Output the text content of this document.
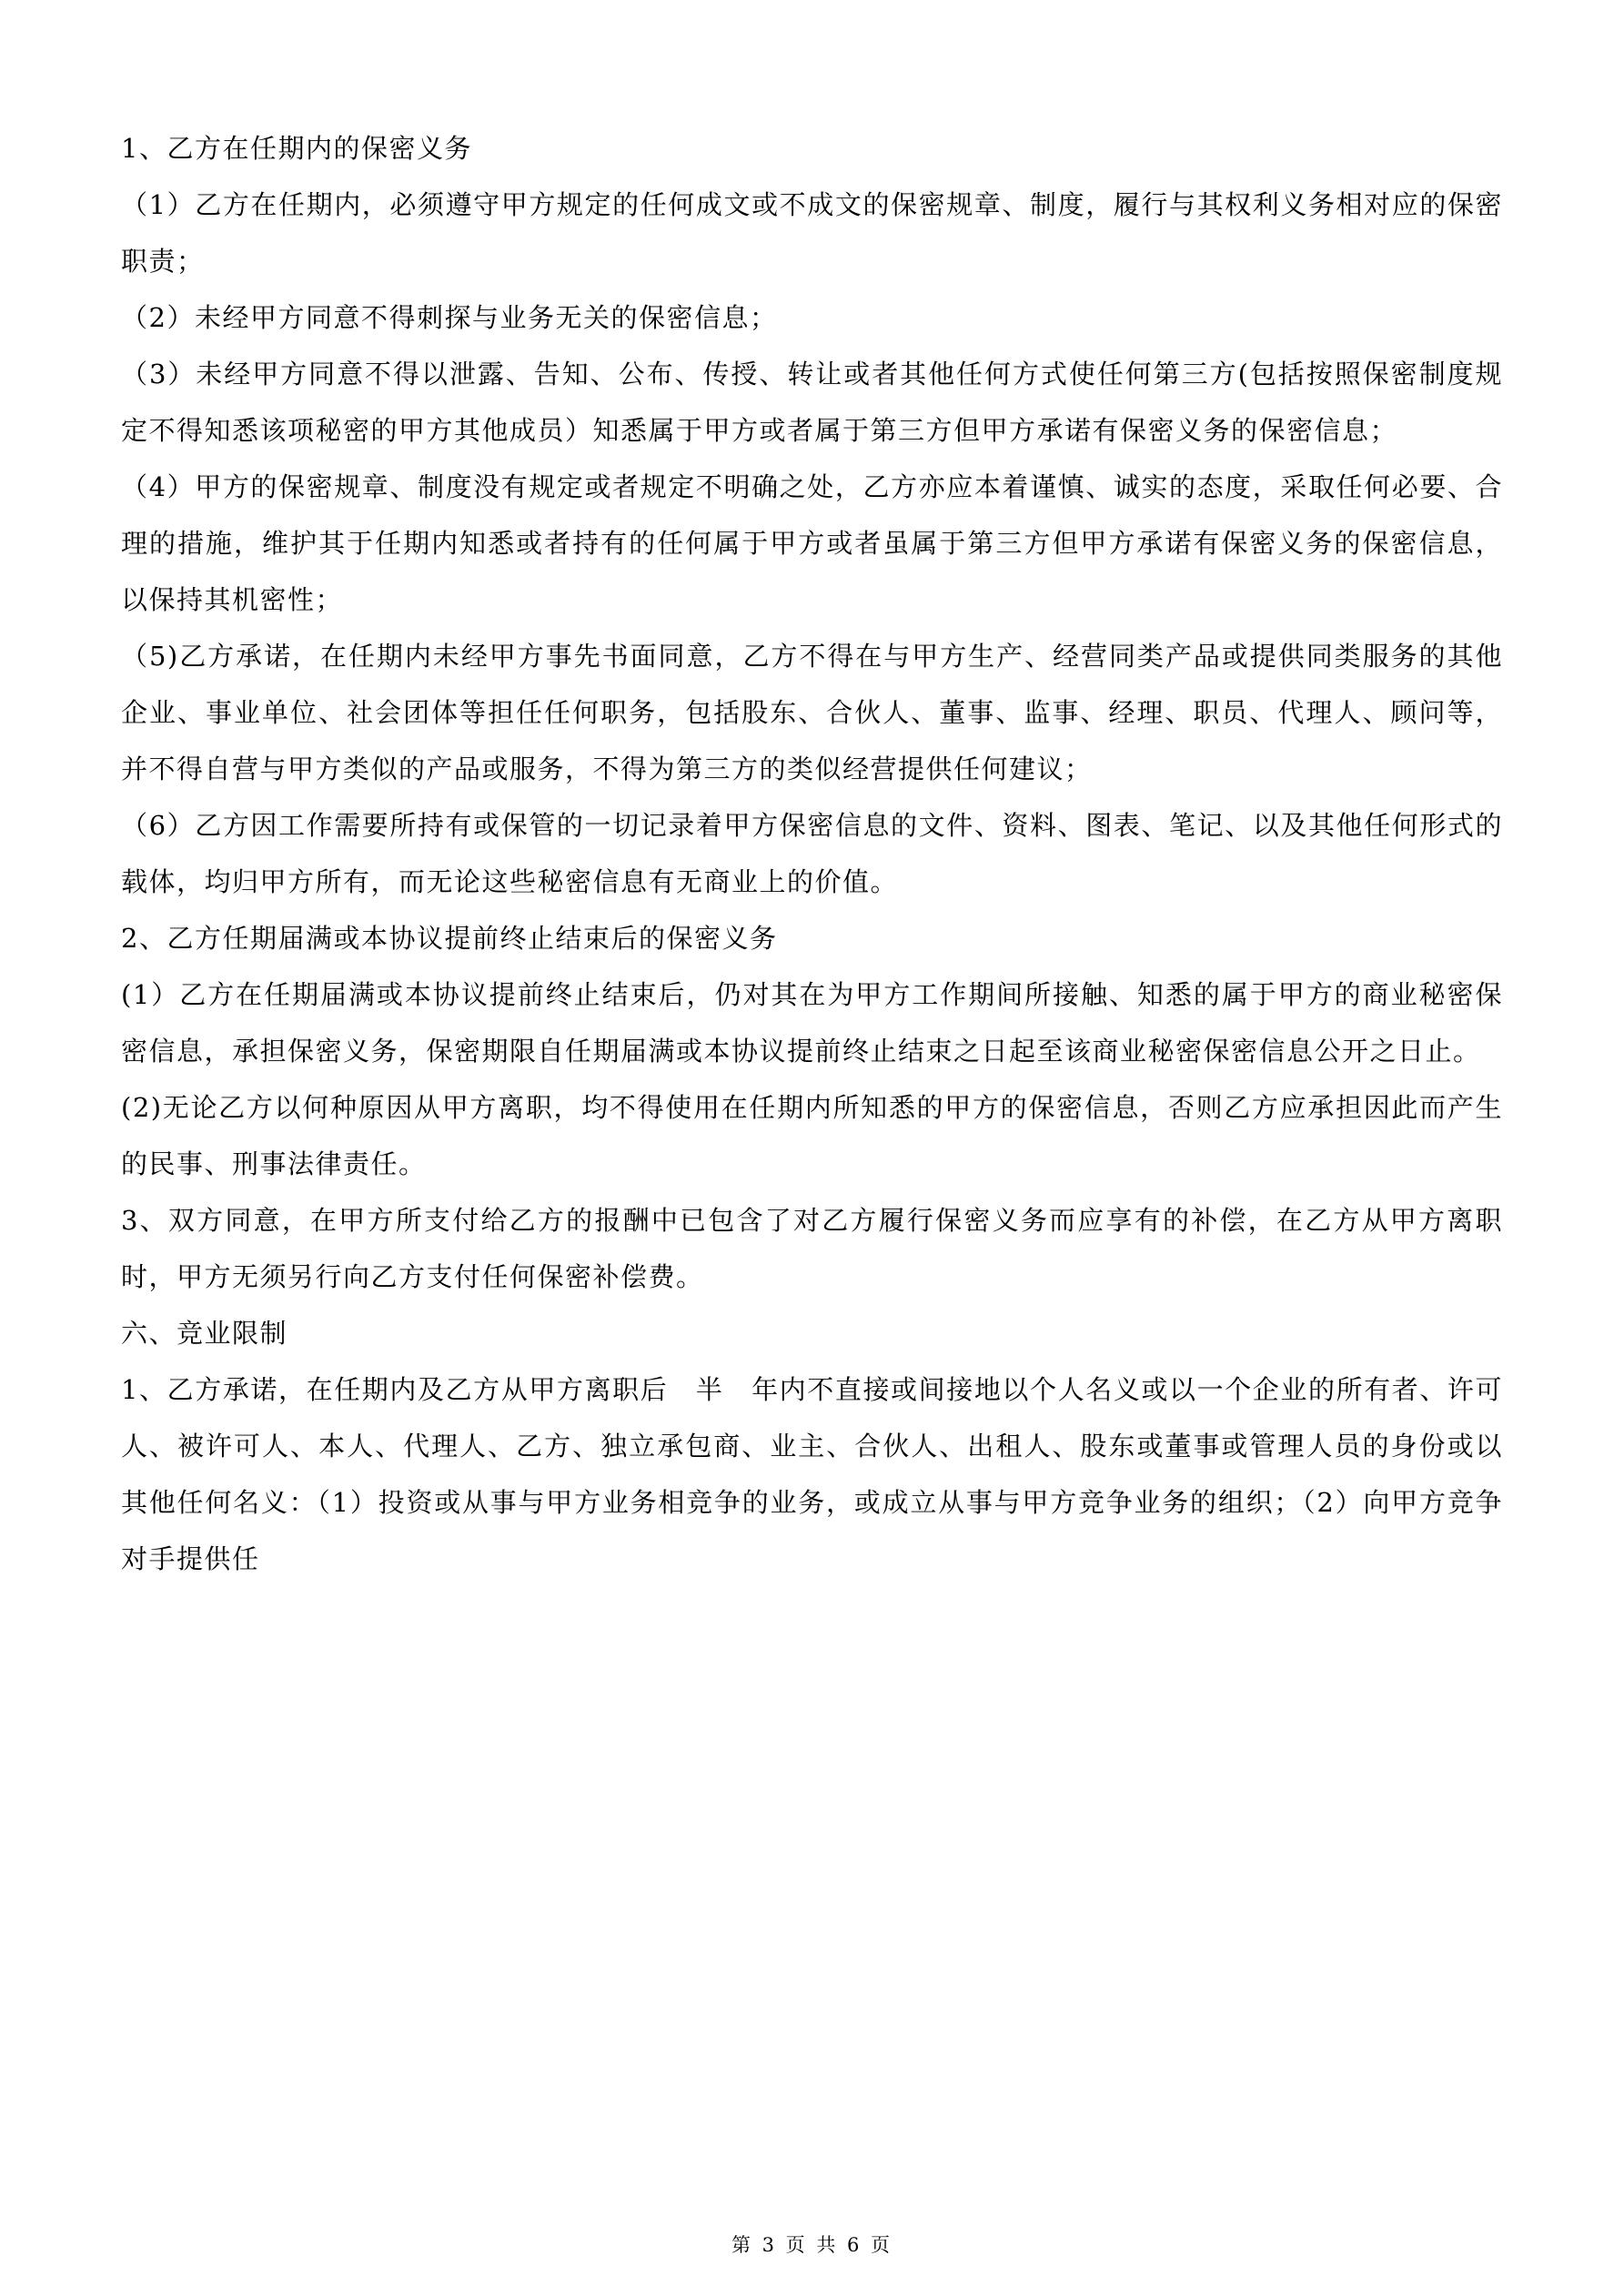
1、乙方在任期内的保密义务

（1）乙方在任期内，必须遵守甲方规定的任何成文或不成文的保密规章、制度，履行与其权利义务相对应的保密职责；

（2）未经甲方同意不得刺探与业务无关的保密信息；

（3）未经甲方同意不得以泄露、告知、公布、传授、转让或者其他任何方式使任何第三方(包括按照保密制度规定不得知悉该项秘密的甲方其他成员）知悉属于甲方或者属于第三方但甲方承诺有保密义务的保密信息；

（4）甲方的保密规章、制度没有规定或者规定不明确之处，乙方亦应本着谨慎、诚实的态度，采取任何必要、合理的措施，维护其于任期内知悉或者持有的任何属于甲方或者虽属于第三方但甲方承诺有保密义务的保密信息，以保持其机密性；

（5)乙方承诺，在任期内未经甲方事先书面同意，乙方不得在与甲方生产、经营同类产品或提供同类服务的其他企业、事业单位、社会团体等担任任何职务，包括股东、合伙人、董事、监事、经理、职员、代理人、顾问等，并不得自营与甲方类似的产品或服务，不得为第三方的类似经营提供任何建议；

（6）乙方因工作需要所持有或保管的一切记录着甲方保密信息的文件、资料、图表、笔记、以及其他任何形式的载体，均归甲方所有，而无论这些秘密信息有无商业上的价值。

2、乙方任期届满或本协议提前终止结束后的保密义务

(1）乙方在任期届满或本协议提前终止结束后，仍对其在为甲方工作期间所接触、知悉的属于甲方的商业秘密保密信息，承担保密义务，保密期限自任期届满或本协议提前终止结束之日起至该商业秘密保密信息公开之日止。

(2)无论乙方以何种原因从甲方离职，均不得使用在任期内所知悉的甲方的保密信息，否则乙方应承担因此而产生的民事、刑事法律责任。

3、双方同意，在甲方所支付给乙方的报酬中已包含了对乙方履行保密义务而应享有的补偿，在乙方从甲方离职时，甲方无须另行向乙方支付任何保密补偿费。

六、竞业限制

1、乙方承诺，在任期内及乙方从甲方离职后　半　年内不直接或间接地以个人名义或以一个企业的所有者、许可人、被许可人、本人、代理人、乙方、独立承包商、业主、合伙人、出租人、股东或董事或管理人员的身份或以其他任何名义：（1）投资或从事与甲方业务相竞争的业务，或成立从事与甲方竞争业务的组织；（2）向甲方竞争对手提供任

第 3 页 共 6 页
